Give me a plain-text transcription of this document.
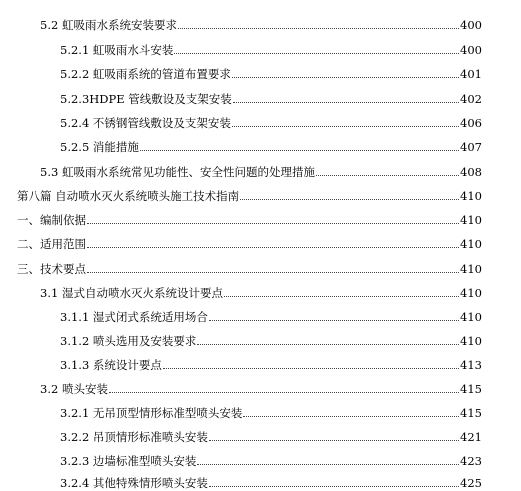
5.2 虹吸雨水系统安装要求	400
5.2.1 虹吸雨水斗安装	400
5.2.2 虹吸雨系统的管道布置要求	401
5.2.3HDPE 管线敷设及支架安装	402
5.2.4 不锈钢管线敷设及支架安装	406
5.2.5 消能措施	407
5.3 虹吸雨水系统常见功能性、安全性问题的处理措施	408
第八篇 自动喷水灭火系统喷头施工技术指南	410
一、编制依据	410
二、适用范围	410
三、技术要点	410
3.1 湿式自动喷水灭火系统设计要点	410
3.1.1 湿式闭式系统适用场合	410
3.1.2 喷头选用及安装要求	410
3.1.3 系统设计要点	413
3.2 喷头安装	415
3.2.1 无吊顶型情形标准型喷头安装	415
3.2.2 吊顶情形标准喷头安装	421
3.2.3 边墙标准型喷头安装	423
3.2.4 其他特殊情形喷头安装	425
